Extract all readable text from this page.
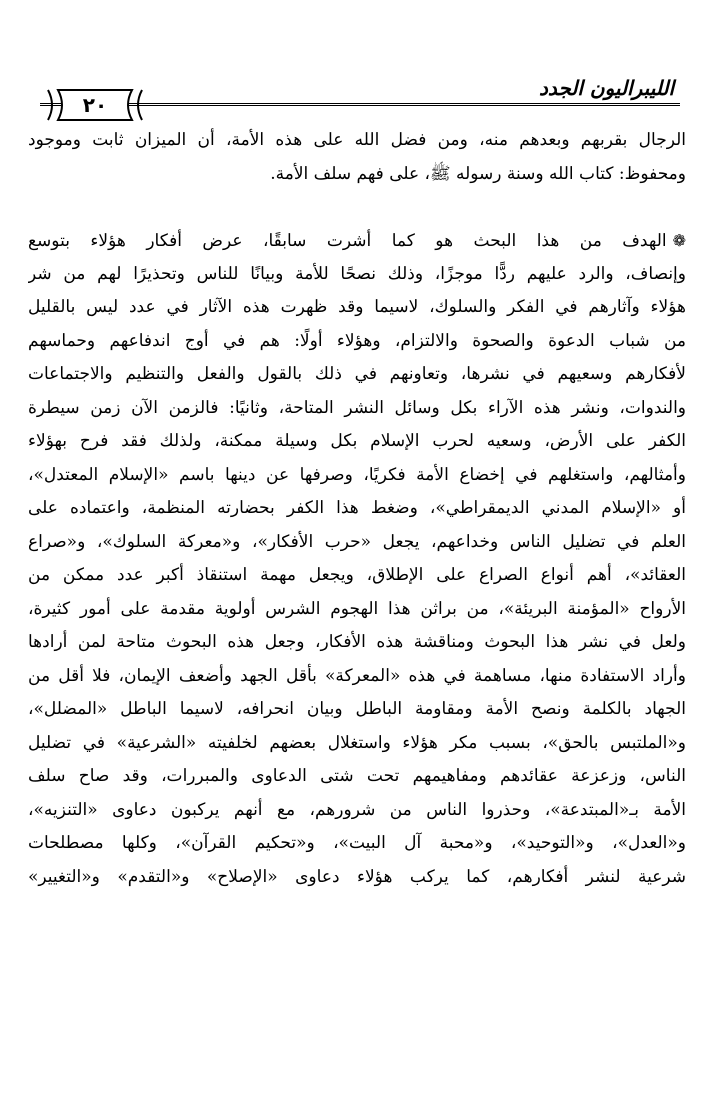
الليبراليون الجدد
٢٠
الرجال بقربهم وبعدهم منه، ومن فضل الله على هذه الأمة، أن الميزان ثابت وموجود
ومحفوظ: كتاب الله وسنة رسوله ﷺ، على فهم سلف الأمة.
❁الهدف من هذا البحث هو كما أشرت سابقًا، عرض أفكار هؤلاء بتوسع
وإنصاف، والرد عليهم ردًّا موجزًا، وذلك نصحًا للأمة وبيانًا للناس وتحذيرًا لهم من شر
هؤلاء وآثارهم في الفكر والسلوك، لاسيما وقد ظهرت هذه الآثار في عدد ليس بالقليل
من شباب الدعوة والصحوة والالتزام، وهؤلاء أولًا: هم في أوج اندفاعهم وحماسهم
لأفكارهم وسعيهم في نشرها، وتعاونهم في ذلك بالقول والفعل والتنظيم والاجتماعات
والندوات، ونشر هذه الآراء بكل وسائل النشر المتاحة، وثانيًا: فالزمن الآن زمن سيطرة
الكفر على الأرض، وسعيه لحرب الإسلام بكل وسيلة ممكنة، ولذلك فقد فرح بهؤلاء
وأمثالهم، واستغلهم في إخضاع الأمة فكريًا، وصرفها عن دينها باسم «الإسلام المعتدل»،
أو «الإسلام المدني الديمقراطي»، وضغط هذا الكفر بحضارته المنظمة، واعتماده على
العلم في تضليل الناس وخداعهم، يجعل «حرب الأفكار»، و«معركة السلوك»، و«صراع
العقائد»، أهم أنواع الصراع على الإطلاق، ويجعل مهمة استنقاذ أكبر عدد ممكن من
الأرواح «المؤمنة البريئة»، من براثن هذا الهجوم الشرس أولوية مقدمة على أمور كثيرة،
ولعل في نشر هذا البحوث ومناقشة هذه الأفكار، وجعل هذه البحوث متاحة لمن أرادها
وأراد الاستفادة منها، مساهمة في هذه «المعركة» بأقل الجهد وأضعف الإيمان، فلا أقل من
الجهاد بالكلمة ونصح الأمة ومقاومة الباطل وبيان انحرافه، لاسيما الباطل «المضلل»،
و«الملتبس بالحق»، بسبب مكر هؤلاء واستغلال بعضهم لخلفيته «الشرعية» في تضليل
الناس، وزعزعة عقائدهم ومفاهيمهم تحت شتى الدعاوى والمبررات، وقد صاح سلف
الأمة بـ«المبتدعة»، وحذروا الناس من شرورهم، مع أنهم يركبون دعاوى «التنزيه»،
و«العدل»، و«التوحيد»، و«محبة آل البيت»، و«تحكيم القرآن»، وكلها مصطلحات
شرعية لنشر أفكارهم، كما يركب هؤلاء دعاوى «الإصلاح» و«التقدم» و«التغيير»
